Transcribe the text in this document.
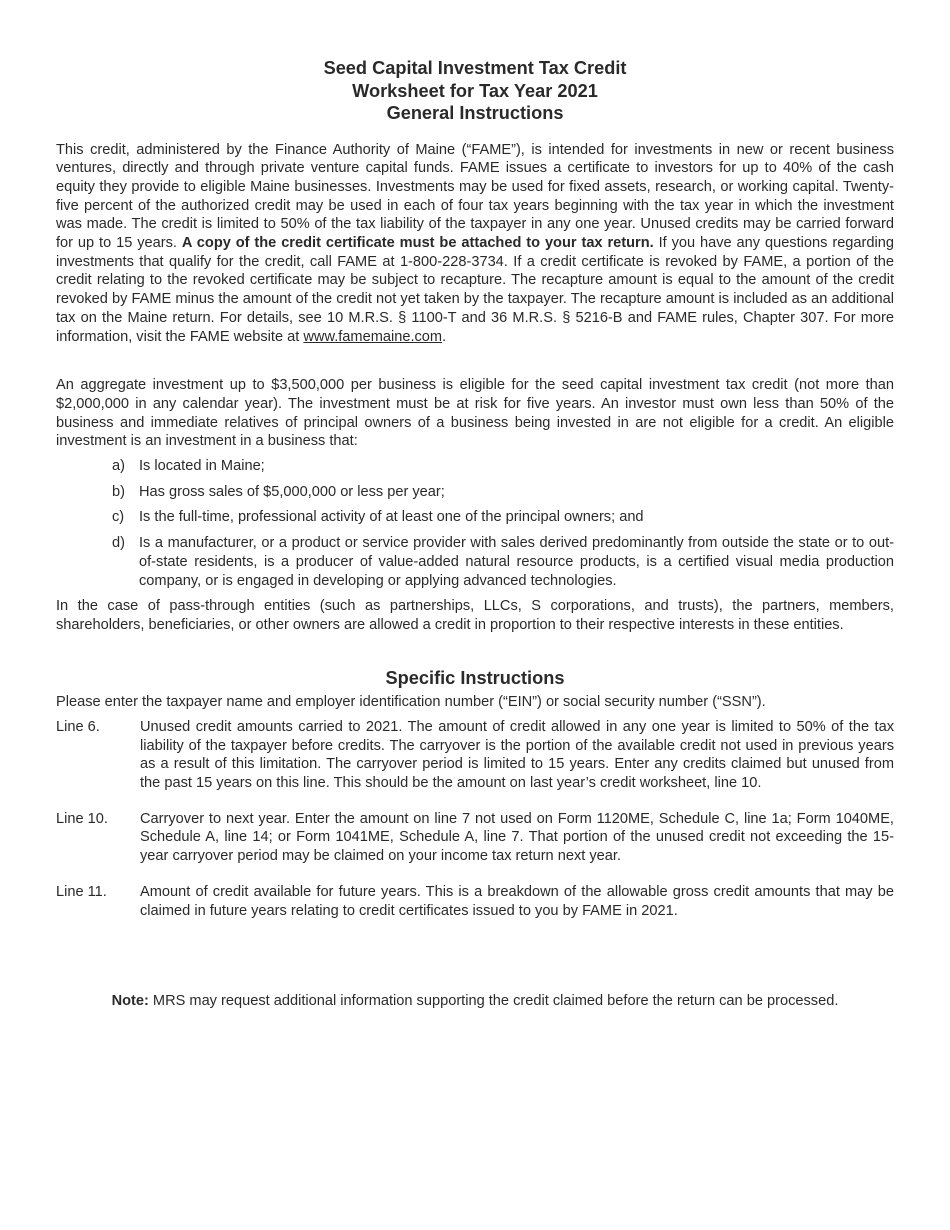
Seed Capital Investment Tax Credit
Worksheet for Tax Year 2021
General Instructions

This credit, administered by the Finance Authority of Maine (“FAME”), is intended for investments in new or recent business ventures, directly and through private venture capital funds. FAME issues a certificate to investors for up to 40% of the cash equity they provide to eligible Maine businesses. Investments may be used for fixed assets, research, or working capital. Twenty-five percent of the authorized credit may be used in each of four tax years beginning with the tax year in which the investment was made. The credit is limited to 50% of the tax liability of the taxpayer in any one year. Unused credits may be carried forward for up to 15 years. A copy of the credit certificate must be attached to your tax return. If you have any questions regarding investments that qualify for the credit, call FAME at 1-800-228-3734. If a credit certificate is revoked by FAME, a portion of the credit relating to the revoked certificate may be subject to recapture. The recapture amount is equal to the amount of the credit revoked by FAME minus the amount of the credit not yet taken by the taxpayer. The recapture amount is included as an additional tax on the Maine return. For details, see 10 M.R.S. § 1100-T and 36 M.R.S. § 5216-B and FAME rules, Chapter 307. For more information, visit the FAME website at www.famemaine.com.

An aggregate investment up to $3,500,000 per business is eligible for the seed capital investment tax credit (not more than $2,000,000 in any calendar year). The investment must be at risk for five years. An investor must own less than 50% of the business and immediate relatives of principal owners of a business being invested in are not eligible for a credit. An eligible investment is an investment in a business that:

a) Is located in Maine;
b) Has gross sales of $5,000,000 or less per year;
c)	Is the full-time, professional activity of at least one of the principal owners; and
d) Is a manufacturer, or a product or service provider with sales derived predominantly from outside the state or to out-of-state residents, is a producer of value-added natural resource products, is a certified visual media production company, or is engaged in developing or applying advanced technologies.

In the case of pass-through entities (such as partnerships, LLCs, S corporations, and trusts), the partners, members, shareholders, beneficiaries, or other owners are allowed a credit in proportion to their respective interests in these entities.

Specific Instructions

Please enter the taxpayer name and employer identification number (“EIN”) or social security number (“SSN”).

Line 6.	Unused credit amounts carried to 2021. The amount of credit allowed in any one year is limited to 50% of the tax liability of the taxpayer before credits. The carryover is the portion of the available credit not used in previous years as a result of this limitation. The carryover period is limited to 15 years. Enter any credits claimed but unused from the past 15 years on this line. This should be the amount on last year’s credit worksheet, line 10.
Line 10.	Carryover to next year. Enter the amount on line 7 not used on Form 1120ME, Schedule C, line 1a; Form 1040ME, Schedule A, line 14; or Form 1041ME, Schedule A, line 7. That portion of the unused credit not exceeding the 15-year carryover period may be claimed on your income tax return next year.
Line 11.	Amount of credit available for future years. This is a breakdown of the allowable gross credit amounts that may be claimed in future years relating to credit certificates issued to you by FAME in 2021.
Note: MRS may request additional information supporting the credit claimed before the return can be processed.
